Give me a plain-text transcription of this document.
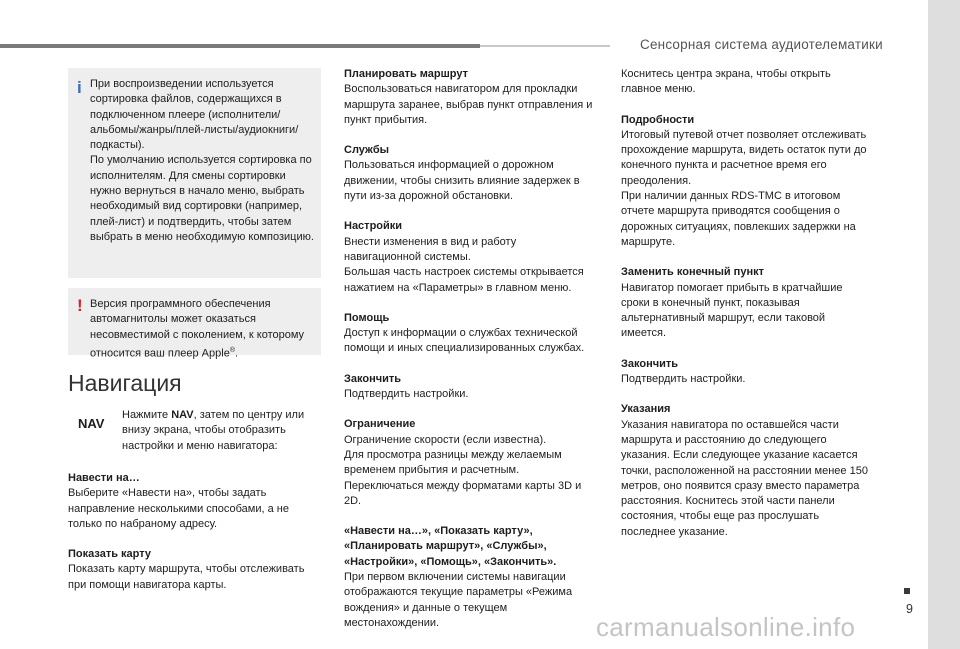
Сенсорная система аудиотелематики
9
carmanualsonline.info
i При воспроизведении используется сортировка файлов, содержащихся в подключенном плеере (исполнители/альбомы/жанры/плей-листы/аудиокниги/подкасты).
По умолчанию используется сортировка по исполнителям. Для смены сортировки нужно вернуться в начало меню, выбрать необходимый вид сортировки (например, плей-лист) и подтвердить, чтобы затем выбрать в меню необходимую композицию.

! Версия программного обеспечения автомагнитолы может оказаться несовместимой с поколением, к которому относится ваш плеер Apple®.

Навигация
NAV

Нажмите NAV, затем по центру или внизу экрана, чтобы отобразить настройки и меню навигатора:

Навести на…
Выберите «Навести на», чтобы задать направление несколькими способами, а не только по набраному адресу.
Показать карту
Показать карту маршрута, чтобы отслеживать при помощи навигатора карты.
Планировать маршрут
Воспользоваться навигатором для прокладки маршрута заранее, выбрав пункт отправления и пункт прибытия.
Службы
Пользоваться информацией о дорожном движении, чтобы снизить влияние задержек в пути из-за дорожной обстановки.
Настройки
Внести изменения в вид и работу навигационной системы.
Большая часть настроек системы открывается нажатием на «Параметры» в главном меню.
Помощь
Доступ к информации о службах технической помощи и иных специализированных службах.
Закончить
Подтвердить настройки.
Ограничение
Ограничение скорости (если известна).
Для просмотра разницы между желаемым временем прибытия и расчетным.
Переключаться между форматами карты 3D и 2D.
«Навести на…», «Показать карту», «Планировать маршрут», «Службы», «Настройки», «Помощь», «Закончить».
При первом включении системы навигации отображаются текущие параметры «Режима вождения» и данные о текущем местонахождении.
Коснитесь центра экрана, чтобы открыть главное меню.
Подробности
Итоговый путевой отчет позволяет отслеживать прохождение маршрута, видеть остаток пути до конечного пункта и расчетное время его преодоления.
При наличии данных RDS-TMC в итоговом отчете маршрута приводятся сообщения о дорожных ситуациях, повлекших задержки на маршруте.
Заменить конечный пункт
Навигатор помогает прибыть в кратчайшие сроки в конечный пункт, показывая альтернативный маршрут, если таковой имеется.
Закончить
Подтвердить настройки.
Указания
Указания навигатора по оставшейся части маршрута и расстоянию до следующего указания. Если следующее указание касается точки, расположенной на расстоянии менее 150 метров, оно появится сразу вместо параметра расстояния. Коснитесь этой части панели состояния, чтобы еще раз прослушать последнее указание.
